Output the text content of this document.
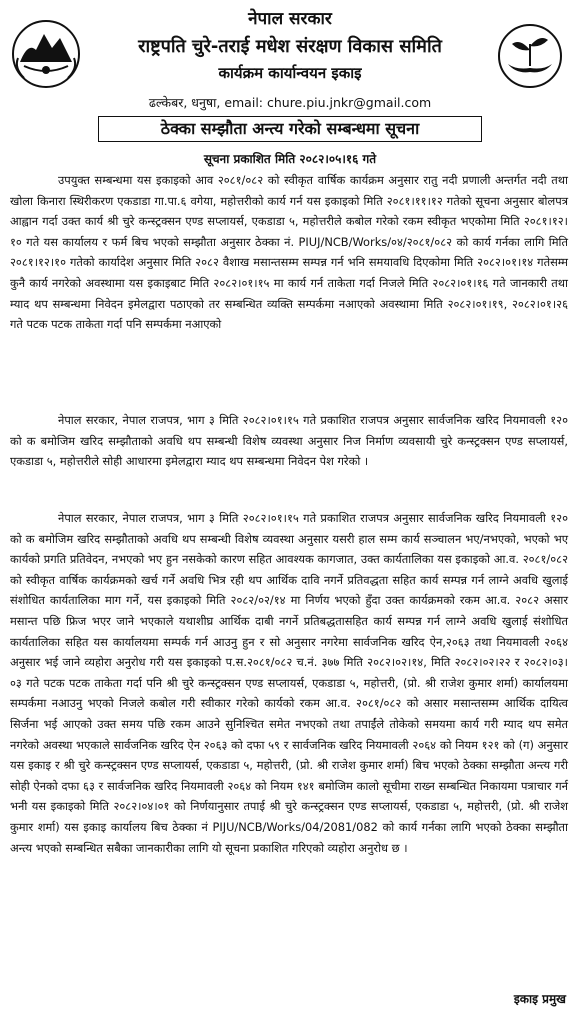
नेपाल सरकार
राष्ट्रपति चुरे-तराई मधेश संरक्षण विकास समिति
कार्यक्रम कार्यान्वयन इकाइ
ढल्केबर, धनुषा, email: chure.piu.jnkr@gmail.com
ठेक्का सम्झौता अन्त्य गरेको सम्बन्धमा सूचना
सूचना प्रकाशित मिति २०८२।०५।१६ गते
उपयुक्त सम्बन्धमा यस इकाइको आव २०८१/०८२ को स्वीकृत वार्षिक कार्यक्रम अनुसार रातु नदी प्रणाली अन्तर्गत नदी तथा खोला किनारा स्थिरीकरण एकडाडा गा.पा.६ वगेया, महोत्तरीको कार्य गर्न यस इकाइको मिति २०८१।११।१२ गतेको सूचना अनुसार बोलपत्र आह्वान गर्दा उक्त कार्य श्री चुरे कन्स्ट्रक्सन एण्ड सप्लायर्स, एकडाडा ५, महोत्तरीले कबोल गरेको रकम स्वीकृत भएकोमा मिति २०८१।१२।१० गते यस कार्यालय र फर्म बिच भएको सम्झौता अनुसार ठेक्का नं. PIUJ/NCB/Works/०४/२०८१/०८२ को कार्य गर्नका लागि मिति २०८१।१२।१० गतेको कार्यादेश अनुसार मिति २०८२ वैशाख मसान्तसम्म सम्पन्न गर्न भनि समयावधि दिएकोमा मिति २०८२।०१।१४ गतेसम्म कुनै कार्य नगरेको अवस्थामा यस इकाइबाट मिति २०८२।०१।१५ मा कार्य गर्न ताकेता गर्दा निजले मिति २०८२।०१।१६ गते जानकारी तथा म्याद थप सम्बन्धमा निवेदन इमेलद्वारा पठाएको तर सम्बन्धित व्यक्ति सम्पर्कमा नआएको अवस्थामा मिति २०८२।०१।१९, २०८२।०१।२६ गते पटक पटक ताकेता गर्दा पनि सम्पर्कमा नआएको
नेपाल सरकार, नेपाल राजपत्र, भाग ३ मिति २०८२।०१।१५ गते प्रकाशित राजपत्र अनुसार सार्वजनिक खरिद नियमावली १२० को क बमोजिम खरिद सम्झौताको अवधि थप सम्बन्धी विशेष व्यवस्था अनुसार निज निर्माण व्यवसायी चुरे कन्स्ट्रक्सन एण्ड सप्लायर्स, एकडाडा ५, महोत्तरीले सोही आधारमा इमेलद्वारा म्याद थप सम्बन्धमा निवेदन पेश गरेको ।
नेपाल सरकार, नेपाल राजपत्र, भाग ३ मिति २०८२।०१।१५ गते प्रकाशित राजपत्र अनुसार सार्वजनिक खरिद नियमावली १२० को क बमोजिम खरिद सम्झौताको अवधि थप सम्बन्धी विशेष व्यवस्था अनुसार यसरी हाल सम्म कार्य सञ्चालन भए/नभएको, भएको भए कार्यको प्रगति प्रतिवेदन, नभएको भए हुन नसकेको कारण सहित आवश्यक कागजात, उक्त कार्यतालिका यस इकाइको आ.व. २०८१/०८२ को स्वीकृत वार्षिक कार्यक्रमको खर्च गर्ने अवधि भित्र रही थप आर्थिक दावि नगर्ने प्रतिवद्धता सहित कार्य सम्पन्न गर्न लाग्ने अवधि खुलाई संशोधित कार्यतालिका माग गर्ने, यस इकाइको मिति २०८२/०२/१४ मा निर्णय भएको हुँदा उक्त कार्यक्रमको रकम आ.व. २०८२ असार मसान्त पछि फ्रिज भएर जाने भएकाले यथाशीघ्र आर्थिक दाबी नगर्ने प्रतिबद्धतासहित कार्य सम्पन्न गर्न लाग्ने अवधि खुलाई संशोधित कार्यतालिका सहित यस कार्यालयमा सम्पर्क गर्न आउनु हुन र सो अनुसार नगरेमा सार्वजनिक खरिद ऐन,२०६३ तथा नियमावली २०६४ अनुसार भई जाने व्यहोरा अनुरोध गरी यस इकाइको प.स.२०८१/०८२ च.नं. ३७७ मिति २०८२।०२।१४, मिति २०८२।०२।२२ र २०८२।०३।०३ गते पटक पटक ताकेता गर्दा पनि श्री चुरे कन्स्ट्रक्सन एण्ड सप्लायर्स, एकडाडा ५, महोत्तरी, (प्रो. श्री राजेश कुमार शर्मा) कार्यालयमा सम्पर्कमा नआउनु भएको निजले कबोल गरी स्वीकार गरेको कार्यको रकम आ.व. २०८१/०८२ को असार मसान्तसम्म आर्थिक दायित्व सिर्जना भई आएको उक्त समय पछि रकम आउने सुनिश्चित समेत नभएको तथा तपाईंले तोकेको समयमा कार्य गरी म्याद थप समेत नगरेको अवस्था भएकाले सार्वजनिक खरिद ऐन २०६३ को दफा ५९ र सार्वजनिक खरिद नियमावली २०६४ को नियम १२१ को (ग) अनुसार यस इकाइ र श्री चुरे कन्स्ट्रक्सन एण्ड सप्लायर्स, एकडाडा ५, महोत्तरी, (प्रो. श्री राजेश कुमार शर्मा) बिच भएको ठेक्का सम्झौता अन्त्य गरी सोही ऐनको दफा ६३ र सार्वजनिक खरिद नियमावली २०६४ को नियम १४१ बमोजिम कालो सूचीमा राख्न सम्बन्धित निकायमा पत्राचार गर्न भनी यस इकाइको मिति २०८२।०४।०१ को निर्णयानुसार तपाई श्री चुरे कन्स्ट्रक्सन एण्ड सप्लायर्स, एकडाडा ५, महोत्तरी, (प्रो. श्री राजेश कुमार शर्मा) यस इकाइ कार्यालय बिच ठेक्का नं PIJU/NCB/Works/04/2081/082 को कार्य गर्नका लागि भएको ठेक्का सम्झौता अन्त्य भएको सम्बन्धित सबैका जानकारीका लागि यो सूचना प्रकाशित गरिएको व्यहोरा अनुरोध छ ।
इकाइ प्रमुख
